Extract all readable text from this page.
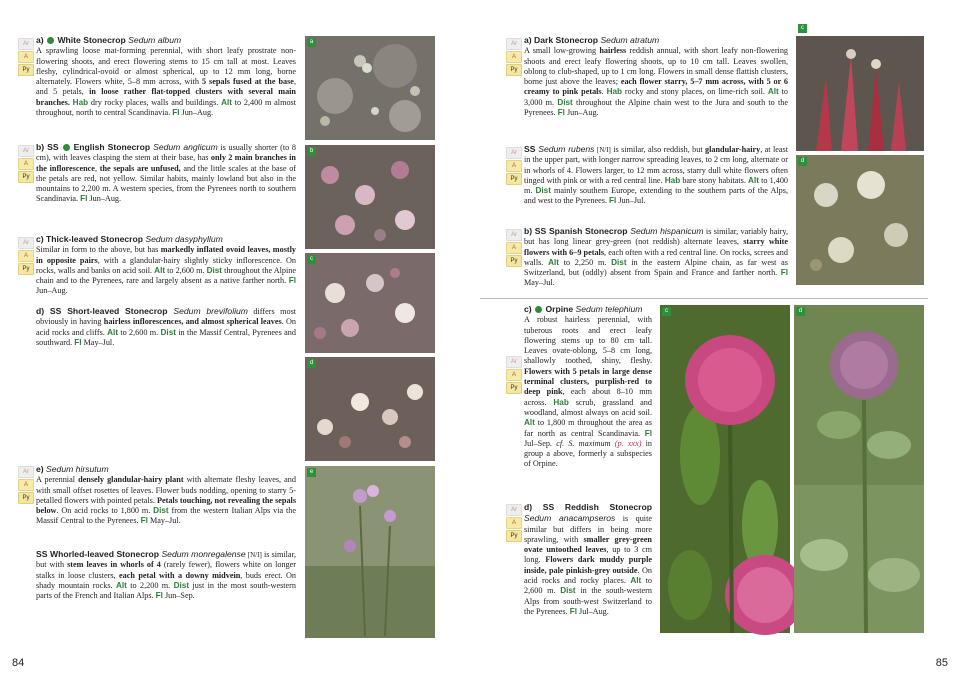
Ar
A
Py
a) White Stonecrop Sedum album
A sprawling loose mat-forming perennial, with short leafy prostrate non-flowering shoots, and erect flowering stems to 15 cm tall at most. Leaves fleshy, cylindrical-ovoid or almost spherical, up to 12 mm long, borne alternately. Flowers white, 5–8 mm across, with 5 sepals fused at the base, and 5 petals, in loose rather flat-topped clusters with several main branches. Hab dry rocky places, walls and buildings. Alt to 2,400 m almost throughout, north to central Scandinavia. Fl Jun–Aug.
Ar
A
Py
b) SS English Stonecrop Sedum anglicum is usually shorter (to 8 cm), with leaves clasping the stem at their base, has only 2 main branches in the inflorescence, the sepals are unfused, and the little scales at the base of the petals are red, not yellow. Similar habits, mainly lowland but also in the mountains to 2,200 m. A western species, from the Pyrenees north to southern Scandinavia. Fl Jun–Aug.
Ar
A
Py
c) Thick-leaved Stonecrop Sedum dasyphyllum
Similar in form to the above, but has markedly inflated ovoid leaves, mostly in opposite pairs, with a glandular-hairy slightly sticky inflorescence. On rocks, walls and banks on acid soil. Alt to 2,600 m. Dist throughout the Alpine chain and to the Pyrenees, rare and largely absent as a native farther north. Fl Jun–Aug.
d) SS Short-leaved Stonecrop Sedum brevifolium differs most obviously in having hairless inflorescences, and almost spherical leaves. On acid rocks and cliffs. Alt to 2,600 m. Dist in the Massif Central, Pyrenees and southward. Fl May–Jul.
Ar
A
Py
e) Sedum hirsutum
A perennial densely glandular-hairy plant with alternate fleshy leaves, and with small offset rosettes of leaves. Flower buds nodding, opening to starry 5-petalled flowers with pointed petals. Petals touching, not revealing the sepals below. On acid rocks to 1,800 m. Dist from the western Italian Alps via the Massif Central to the Pyrenees. Fl May–Jul.
SS Whorled-leaved Stonecrop Sedum monregalense [N/I] is similar, but with stem leaves in whorls of 4 (rarely fewer), flowers white on longer stalks in loose clusters, each petal with a downy midvein, buds erect. On shady mountain rocks. Alt to 2,200 m. Dist just in the most south-western parts of the French and Italian Alps. Fl Jun–Sep.
a
b
c
d
e
84
Ar
A
Py
a) Dark Stonecrop Sedum atratum
A small low-growing hairless reddish annual, with short leafy non-flowering shoots and erect leafy flowering shoots, up to 10 cm tall. Leaves swollen, oblong to club-shaped, up to 1 cm long. Flowers in small dense flattish clusters, borne just above the leaves; each flower starry, 5–7 mm across, with 5 or 6 creamy to pink petals. Hab rocky and stony places, on lime-rich soil. Alt to 3,000 m. Dist throughout the Alpine chain west to the Jura and south to the Pyrenees. Fl Jun–Aug.
Ar
A
Py
SS Sedum rubens [N/I] is similar, also reddish, but glandular-hairy, at least in the upper part, with longer narrow spreading leaves, to 2 cm long, alternate or in whorls of 4. Flowers larger, to 12 mm across, starry dull white flowers often tinged with pink or with a red central line. Hab bare stony habitats. Alt to 1,400 m. Dist mainly southern Europe, extending to the southern parts of the Alps, and west to the Pyrenees. Fl Jun–Jul.
Ar
A
Py
b) SS Spanish Stonecrop Sedum hispanicum is similar, variably hairy, but has long linear grey-green (not reddish) alternate leaves, starry white flowers with 6–9 petals, each often with a red central line. On rocks, screes and walls. Alt to 2,250 m. Dist in the eastern Alpine chain, as far west as Switzerland, but (oddly) absent from Spain and France and farther north. Fl May–Jul.
c) Orpine Sedum telephium
A robust hairless perennial, with tuberous roots and erect leafy flowering stems up to 80 cm tall. Leaves ovate-oblong, 5–8 cm long, shallowly toothed, shiny, fleshy. Flowers with 5 petals in large dense terminal clusters, purplish-red to deep pink, each about 8–10 mm across. Hab scrub, grassland and woodland, almost always on acid soil. Alt to 1,800 m throughout the area as far north as central Scandinavia. Fl Jul–Sep. cf. S. maximum (p. xxx) in group a above, formerly a subspecies of Orpine.
Ar
A
Py
Ar
A
Py
d) SS Reddish Stonecrop Sedum anacampseros is quite similar but differs in being more sprawling, with smaller grey-green ovate untoothed leaves, up to 3 cm long. Flowers dark muddy purple inside, pale pinkish-grey outside. On acid rocks and rocky places. Alt to 2,600 m. Dist in the south-western Alps from south-west Switzerland to the Pyrenees. Fl Jul–Aug.
c
d
c	d
85
